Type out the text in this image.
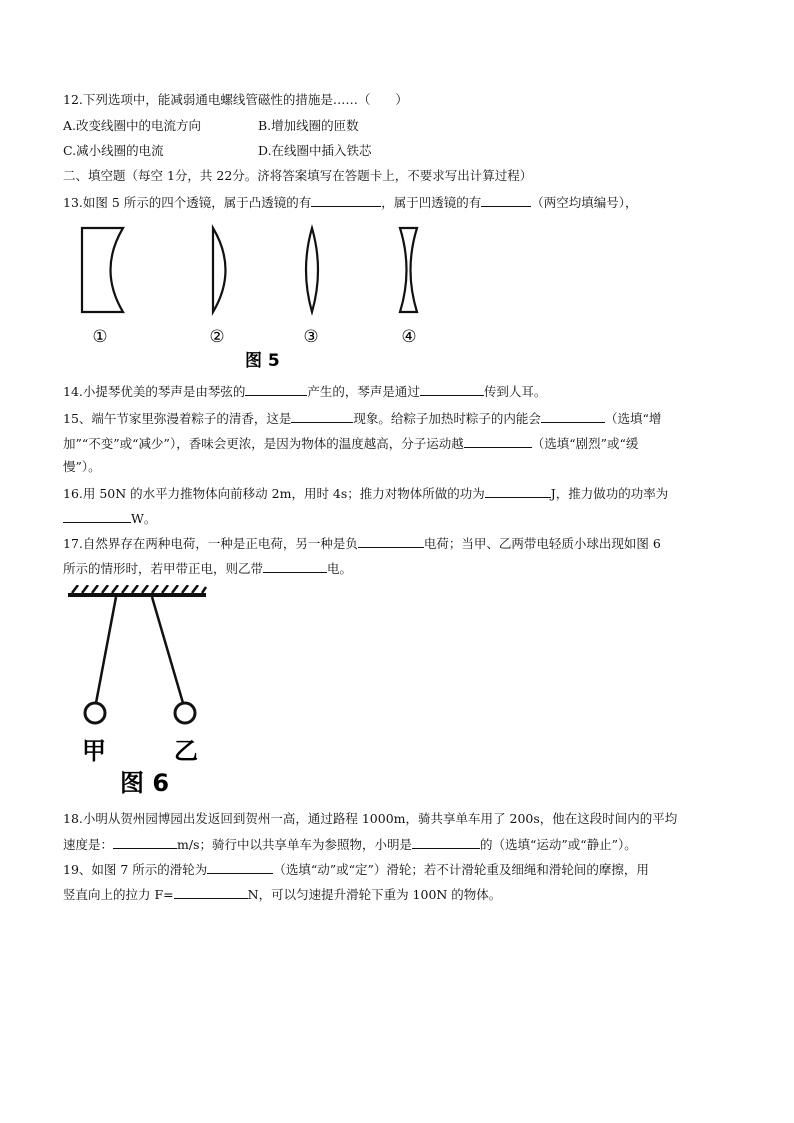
12.下列选项中，能减弱通电螺线管磁性的措施是……（　　）
A.改变线圈中的电流方向	B.增加线圈的匝数
C.减小线圈的电流	D.在线圈中插入铁芯
二、填空题（每空 1分，共 22分。济将答案填写在答题卡上，不要求写出计算过程）
13.如图 5 所示的四个透镜，属于凸透镜的有	，属于凹透镜的有	（两空均填编号），
①	②	③	④
图 5
14.小提琴优美的琴声是由琴弦的	产生的，琴声是通过	传到人耳。
15、端午节家里弥漫着粽子的清香，这是	现象。给粽子加热时粽子的内能会	（选填“增
加”“不变”或“减少”），香味会更浓，是因为物体的温度越高，分子运动越	（选填“剧烈”或“缓
慢”）。
16.用 50N 的水平力推物体向前移动 2m，用时 4s；推力对物体所做的功为	J，推力做功的功率为
W。
17.自然界存在两种电荷，一种是正电荷，另一种是负	电荷；当甲、乙两带电轻质小球出现如图 6
所示的情形时，若甲带正电，则乙带	电。
甲	乙
图 6
18.小明从贺州园博园出发返回到贺州一高，通过路程 1000m，骑共享单车用了 200s，他在这段时间内的平均
速度是：	m/s；骑行中以共享单车为参照物，小明是	的（选填“运动”或“静止”）。
19、如图 7 所示的滑轮为	（选填“动”或“定”）滑轮；若不计滑轮重及细绳和滑轮间的摩擦，用
竖直向上的拉力 F=	N，可以匀速提升滑轮下重为 100N 的物体。
